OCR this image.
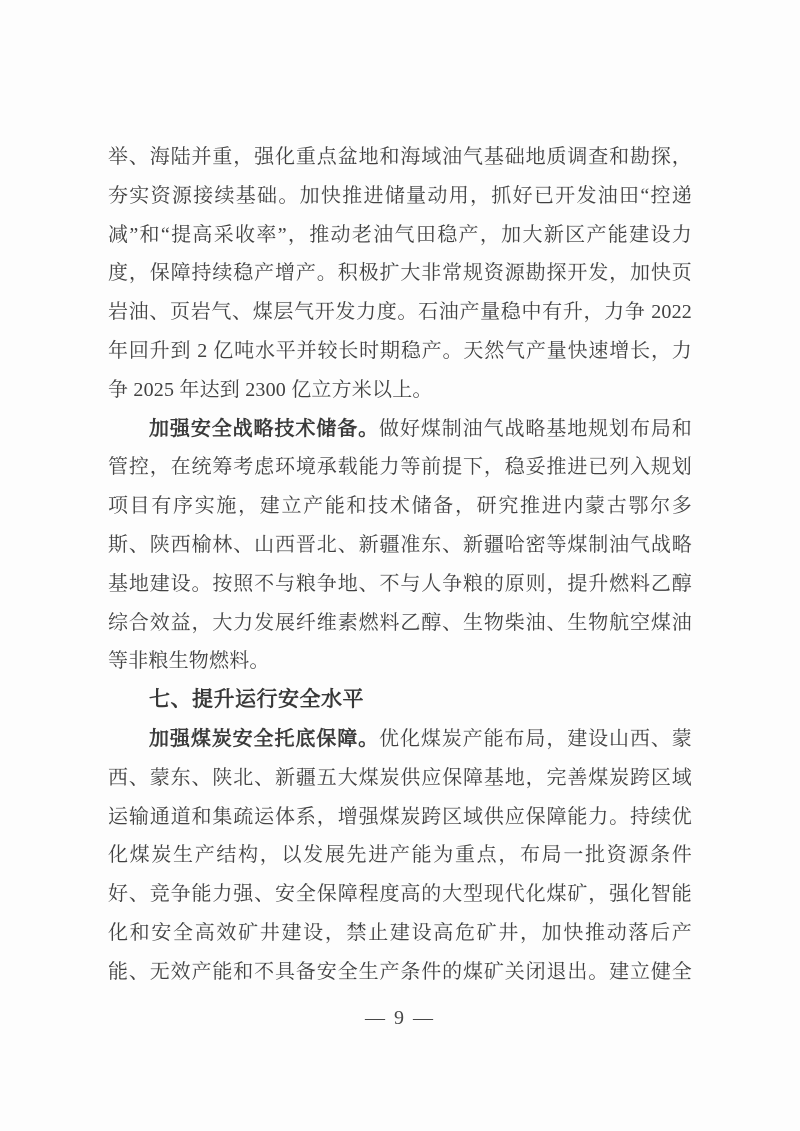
举、海陆并重，强化重点盆地和海域油气基础地质调查和勘探，
夯实资源接续基础。加快推进储量动用，抓好已开发油田“控递
减”和“提高采收率”，推动老油气田稳产，加大新区产能建设力
度，保障持续稳产增产。积极扩大非常规资源勘探开发，加快页
岩油、页岩气、煤层气开发力度。石油产量稳中有升，力争 2022
年回升到 2 亿吨水平并较长时期稳产。天然气产量快速增长，力
争 2025 年达到 2300 亿立方米以上。
加强安全战略技术储备。做好煤制油气战略基地规划布局和
管控，在统筹考虑环境承载能力等前提下，稳妥推进已列入规划
项目有序实施，建立产能和技术储备，研究推进内蒙古鄂尔多
斯、陕西榆林、山西晋北、新疆准东、新疆哈密等煤制油气战略
基地建设。按照不与粮争地、不与人争粮的原则，提升燃料乙醇
综合效益，大力发展纤维素燃料乙醇、生物柴油、生物航空煤油
等非粮生物燃料。
七、提升运行安全水平
加强煤炭安全托底保障。优化煤炭产能布局，建设山西、蒙
西、蒙东、陕北、新疆五大煤炭供应保障基地，完善煤炭跨区域
运输通道和集疏运体系，增强煤炭跨区域供应保障能力。持续优
化煤炭生产结构，以发展先进产能为重点，布局一批资源条件
好、竞争能力强、安全保障程度高的大型现代化煤矿，强化智能
化和安全高效矿井建设，禁止建设高危矿井，加快推动落后产
能、无效产能和不具备安全生产条件的煤矿关闭退出。建立健全
— 9 —
